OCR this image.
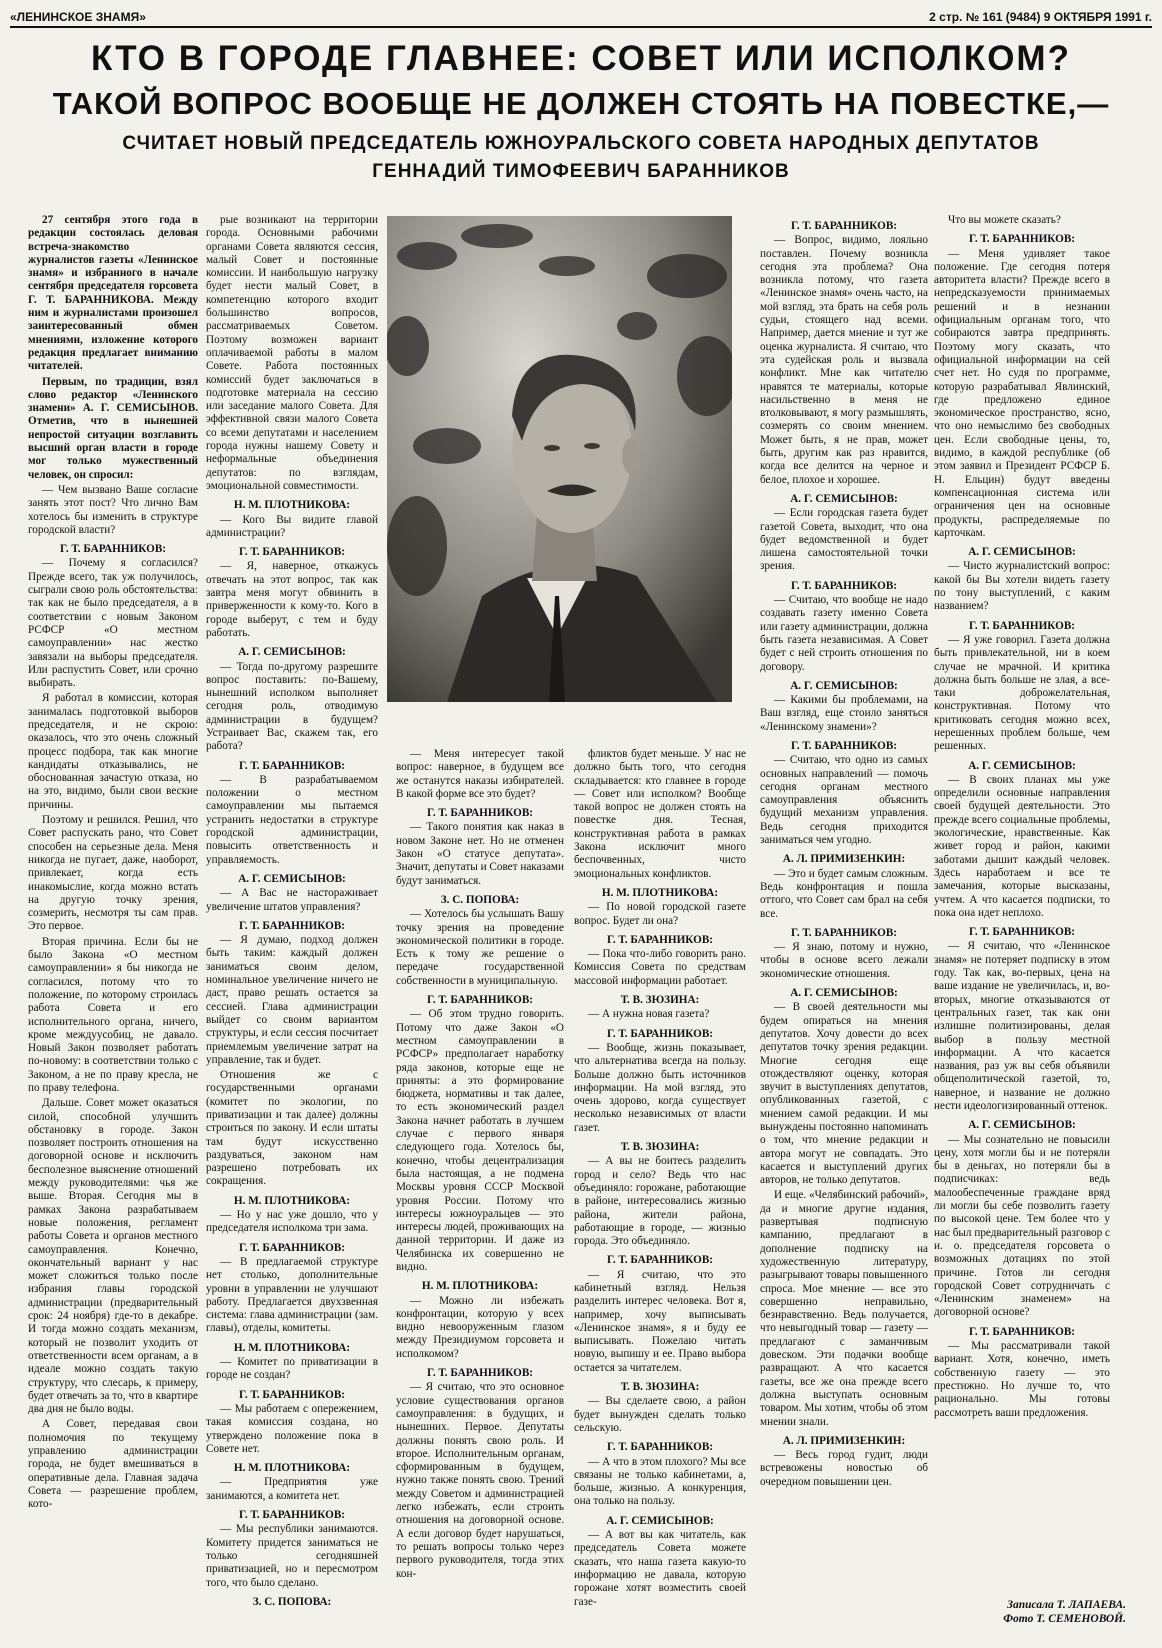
«ЛЕНИНСКОЕ ЗНАМЯ»	2 стр. № 161 (9484) 9 ОКТЯБРЯ 1991 г.
КТО В ГОРОДЕ ГЛАВНЕЕ: СОВЕТ ИЛИ ИСПОЛКОМ?
ТАКОЙ ВОПРОС ВООБЩЕ НЕ ДОЛЖЕН СТОЯТЬ НА ПОВЕСТКЕ,—
СЧИТАЕТ НОВЫЙ ПРЕДСЕДАТЕЛЬ ЮЖНОУРАЛЬСКОГО СОВЕТА НАРОДНЫХ ДЕПУТАТОВ
ГЕННАДИЙ ТИМОФЕЕВИЧ БАРАННИКОВ

27 сентября этого года в редакции состоялась деловая встреча-знакомство журналистов газеты «Ленинское знамя» и избранного в начале сентября председателя горсовета Г. Т. БАРАННИКОВА. Между ним и журналистами произошел заинтересованный обмен мнениями, изложение которого редакция предлагает вниманию читателей.

Первым, по традиции, взял слово редактор «Ленинского знамени» А. Г. СЕМИСЫНОВ. Отметив, что в нынешней непростой ситуации возглавить высший орган власти в городе мог только мужественный человек, он спросил:

— Чем вызвано Ваше согласие занять этот пост? Что лично Вам хотелось бы изменить в структуре городской власти?

Г. Т. БАРАННИКОВ:

— Почему я согласился? Прежде всего, так уж получилось, сыграли свою роль обстоятельства: так как не было председателя, а в соответствии с новым Законом РСФСР «О местном самоуправлении» нас жестко завязали на выборы председателя. Или распустить Совет, или срочно выбирать.

Я работал в комиссии, которая занималась подготовкой выборов председателя, и не скрою: оказалось, что это очень сложный процесс подбора, так как многие кандидаты отказывались, не обоснованная зачастую отказа, но на это, видимо, были свои веские причины.

Поэтому и решился. Решил, что Совет распускать рано, что Совет способен на серьезные дела. Меня никогда не пугает, даже, наоборот, привлекает, когда есть инакомыслие, когда можно встать на другую точку зрения, созмерить, несмотря ты сам прав. Это первое.

Вторая причина. Если бы не было Закона «О местном самоуправлении» я бы никогда не согласился, потому что то положение, по которому строилась работа Совета и его исполнительного органа, ничего, кроме междуусобиц, не давало. Новый Закон позволяет работать по-новому: в соответствии только с Законом, а не по праву кресла, не по праву телефона.

Дальше. Совет может оказаться силой, способной улучшить обстановку в городе. Закон позволяет построить отношения на договорной основе и исключить бесполезное выяснение отношений между руководителями: чья же выше. Вторая. Сегодня мы в рамках Закона разрабатываем новые положения, регламент работы Совета и органов местного самоуправления. Конечно, окончательный вариант у нас может сложиться только после избрания главы городской администрации (предварительный срок: 24 ноября) где-то в декабре. И тогда можно создать механизм, который не позволит уходить от ответственности всем органам, а в идеале можно создать такую структуру, что слесарь, к примеру, будет отвечать за то, что в квартире два дня не было воды.

А Совет, передавая свои полномочия по текущему управлению администрации города, не будет вмешиваться в оперативные дела. Главная задача Совета — разрешение проблем, кото-

рые возникают на территории города. Основными рабочими органами Совета являются сессия, малый Совет и постоянные комиссии. И наибольшую нагрузку будет нести малый Совет, в компетенцию которого входит большинство вопросов, рассматриваемых Советом. Поэтому возможен вариант оплачиваемой работы в малом Совете. Работа постоянных комиссий будет заключаться в подготовке материала на сессию или заседание малого Совета. Для эффективной связи малого Совета со всеми депутатами и населением города нужны нашему Совету и неформальные объединения депутатов: по взглядам, эмоциональной совместимости.

Н. М. ПЛОТНИКОВА:

— Кого Вы видите главой администрации?

Г. Т. БАРАННИКОВ:

— Я, наверное, откажусь отвечать на этот вопрос, так как завтра меня могут обвинить в приверженности к кому-то. Кого в городе выберут, с тем и буду работать.

А. Г. СЕМИСЫНОВ:

— Тогда по-другому разрешите вопрос поставить: по-Вашему, нынешний исполком выполняет сегодня роль, отводимую администрации в будущем? Устраивает Вас, скажем так, его работа?

Г. Т. БАРАННИКОВ:

— В разрабатываемом положении о местном самоуправлении мы пытаемся устранить недостатки в структуре городской администрации, повысить ответственность и управляемость.

А. Г. СЕМИСЫНОВ:

— А Вас не настораживает увеличение штатов управления?

Г. Т. БАРАННИКОВ:

— Я думаю, подход должен быть таким: каждый должен заниматься своим делом, номинальное увеличение ничего не даст, право решать остается за сессией. Глава администрации выйдет со своим вариантом структуры, и если сессия посчитает приемлемым увеличение затрат на управление, так и будет.

Отношения же с государственными органами (комитет по экологии, по приватизации и так далее) должны строиться по закону. И если штаты там будут искусственно раздуваться, законом нам разрешено потребовать их сокращения.

Н. М. ПЛОТНИКОВА:

— Но у нас уже дошло, что у председателя исполкома три зама.

Г. Т. БАРАННИКОВ:

— В предлагаемой структуре нет столько, дополнительные уровни в управлении не улучшают работу. Предлагается двухзвенная система: глава администрации (зам. главы), отделы, комитеты.

Н. М. ПЛОТНИКОВА:

— Комитет по приватизации в городе не создан?

Г. Т. БАРАННИКОВ:

— Мы работаем с опережением, такая комиссия создана, но утверждено положение пока в Совете нет.

Н. М. ПЛОТНИКОВА:

— Предприятия уже занимаются, а комитета нет.

Г. Т. БАРАННИКОВ:

— Мы республики занимаются. Комитету придется заниматься не только сегодняшней приватизацией, но и пересмотром того, что было сделано.

З. С. ПОПОВА:

— Меня интересует такой вопрос: наверное, в будущем все же останутся наказы избирателей. В какой форме все это будет?

Г. Т. БАРАННИКОВ:

— Такого понятия как наказ в новом Законе нет. Но не отменен Закон «О статусе депутата». Значит, депутаты и Совет наказами будут заниматься.

З. С. ПОПОВА:

— Хотелось бы услышать Вашу точку зрения на проведение экономической политики в городе. Есть к тому же решение о передаче государственной собственности в муниципальную.

Г. Т. БАРАННИКОВ:

— Об этом трудно говорить. Потому что даже Закон «О местном самоуправлении в РСФСР» предполагает наработку ряда законов, которые еще не приняты: а это формирование бюджета, нормативы и так далее, то есть экономический раздел Закона начнет работать в лучшем случае с первого января следующего года. Хотелось бы, конечно, чтобы децентрализация была настоящая, а не подмена Москвы уровня СССР Москвой уровня России. Потому что интересы южноуральцев — это интересы людей, проживающих на данной территории. И даже из Челябинска их совершенно не видно.

Н. М. ПЛОТНИКОВА:

— Можно ли избежать конфронтации, которую у всех видно невооруженным глазом между Президиумом горсовета и исполкомом?

Г. Т. БАРАННИКОВ:

— Я считаю, что это основное условие существования органов самоуправления: в будущих, и нынешних. Первое. Депутаты должны понять свою роль. И второе. Исполнительным органам, сформированным в будущем, нужно также понять свою. Трений между Советом и администрацией легко избежать, если строить отношения на договорной основе. А если договор будет нарушаться, то решать вопросы только через первого руководителя, тогда этих кон-

фликтов будет меньше. У нас не должно быть того, что сегодня складывается: кто главнее в городе — Совет или исполком? Вообще такой вопрос не должен стоять на повестке дня. Тесная, конструктивная работа в рамках Закона исключит много беспочвенных, чисто эмоциональных конфликтов.

Н. М. ПЛОТНИКОВА:

— По новой городской газете вопрос. Будет ли она?

Г. Т. БАРАННИКОВ:

— Пока что-либо говорить рано. Комиссия Совета по средствам массовой информации работает.

Т. В. ЗЮЗИНА:

— А нужна новая газета?

Г. Т. БАРАННИКОВ:

— Вообще, жизнь показывает, что альтернатива всегда на пользу. Больше должно быть источников информации. На мой взгляд, это очень здорово, когда существует несколько независимых от власти газет.

Т. В. ЗЮЗИНА:

— А вы не боитесь разделить город и село? Ведь что нас объединяло: горожане, работающие в районе, интересовались жизнью района, жители района, работающие в городе, — жизнью города. Это объединяло.

Г. Т. БАРАННИКОВ:

— Я считаю, что это кабинетный взгляд. Нельзя разделить интерес человека. Вот я, например, хочу выписывать «Ленинское знамя», я и буду ее выписывать. Пожелаю читать новую, выпишу и ее. Право выбора остается за читателем.

Т. В. ЗЮЗИНА:

— Вы сделаете свою, а район будет вынужден сделать только сельскую.

Г. Т. БАРАННИКОВ:

— А что в этом плохого? Мы все связаны не только кабинетами, а, больше, жизнью. А конкуренция, она только на пользу.

А. Г. СЕМИСЫНОВ:

— А вот вы как читатель, как председатель Совета можете сказать, что наша газета какую-то информацию не давала, которую горожане хотят возместить своей газе-

Г. Т. БАРАННИКОВ:

— Вопрос, видимо, лояльно поставлен. Почему возникла сегодня эта проблема? Она возникла потому, что газета «Ленинское знамя» очень часто, на мой взгляд, эта брать на себя роль судьи, стоящего над всеми. Например, дается мнение и тут же оценка журналиста. Я считаю, что эта судейская роль и вызвала конфликт. Мне как читателю нравятся те материалы, которые насильственно в меня не втолковывают, я могу размышлять, созмерять со своим мнением. Может быть, я не прав, может быть, другим как раз нравится, когда все делится на черное и белое, плохое и хорошее.

А. Г. СЕМИСЫНОВ:

— Если городская газета будет газетой Совета, выходит, что она будет ведомственной и будет лишена самостоятельной точки зрения.

Г. Т. БАРАННИКОВ:

— Считаю, что вообще не надо создавать газету именно Совета или газету администрации, должна быть газета независимая. А Совет будет с ней строить отношения по договору.

А. Г. СЕМИСЫНОВ:

— Какими бы проблемами, на Ваш взгляд, еще стоило заняться «Ленинскому знамени»?

Г. Т. БАРАННИКОВ:

— Считаю, что одно из самых основных направлений — помочь сегодня органам местного самоуправления объяснить будущий механизм управления. Ведь сегодня приходится заниматься чем угодно.

А. Л. ПРИМИЗЕНКИН:

— Это и будет самым сложным. Ведь конфронтация и пошла оттого, что Совет сам брал на себя все.

Г. Т. БАРАННИКОВ:

— Я знаю, потому и нужно, чтобы в основе всего лежали экономические отношения.

А. Г. СЕМИСЫНОВ:

— В своей деятельности мы будем опираться на мнения депутатов. Хочу довести до всех депутатов точку зрения редакции. Многие сегодня еще отождествляют оценку, которая звучит в выступлениях депутатов, опубликованных газетой, с мнением самой редакции. И мы вынуждены постоянно напоминать о том, что мнение редакции и автора могут не совпадать. Это касается и выступлений других авторов, не только депутатов.

И еще. «Челябинский рабочий», да и многие другие издания, развертывая подписную кампанию, предлагают в дополнение подписку на художественную литературу, разыгрывают товары повышенного спроса. Мое мнение — все это совершенно неправильно, безнравственно. Ведь получается, что невыгодный товар — газету — предлагают с заманчивым довеском. Эти подачки вообще развращают. А что касается газеты, все же она прежде всего должна выступать основным товаром. Мы хотим, чтобы об этом мнении знали.

А. Л. ПРИМИЗЕНКИН:

— Весь город гудит, люди встревожены новостью об очередном повышении цен.

Что вы можете сказать?

Г. Т. БАРАННИКОВ:

— Меня удивляет такое положение. Где сегодня потеря авторитета власти? Прежде всего в непредсказуемости принимаемых решений и в незнании официальным органам того, что собираются завтра предпринять. Поэтому могу сказать, что официальной информации на сей счет нет. Но судя по программе, которую разрабатывал Явлинский, где предложено единое экономическое пространство, ясно, что оно немыслимо без свободных цен. Если свободные цены, то, видимо, в каждой республике (об этом заявил и Президент РСФСР Б. Н. Ельцин) будут введены компенсационная система или ограничения цен на основные продукты, распределяемые по карточкам.

А. Г. СЕМИСЫНОВ:

— Чисто журналистский вопрос: какой бы Вы хотели видеть газету по тону выступлений, с каким названием?

Г. Т. БАРАННИКОВ:

— Я уже говорил. Газета должна быть привлекательной, ни в коем случае не мрачной. И критика должна быть больше не злая, а все-таки доброжелательная, конструктивная. Потому что критиковать сегодня можно всех, нерешенных проблем больше, чем решенных.

А. Г. СЕМИСЫНОВ:

— В своих планах мы уже определили основные направления своей будущей деятельности. Это прежде всего социальные проблемы, экологические, нравственные. Как живет город и район, какими заботами дышит каждый человек. Здесь наработаем и все те замечания, которые высказаны, учтем. А что касается подписки, то пока она идет неплохо.

Г. Т. БАРАННИКОВ:

— Я считаю, что «Ленинское знамя» не потеряет подписку в этом году. Так как, во-первых, цена на ваше издание не увеличилась, и, во-вторых, многие отказываются от центральных газет, так как они излишне политизированы, делая выбор в пользу местной информации. А что касается названия, раз уж вы себя объявили общеполитической газетой, то, наверное, и название не должно нести идеологизированный оттенок.

А. Г. СЕМИСЫНОВ:

— Мы сознательно не повысили цену, хотя могли бы и не потеряли бы в деньгах, но потеряли бы в подписчиках: ведь малообеспеченные граждане вряд ли могли бы себе позволить газету по высокой цене. Тем более что у нас был предварительный разговор с и. о. председателя горсовета о возможных дотациях по этой причине. Готов ли сегодня городской Совет сотрудничать с «Ленинским знаменем» на договорной основе?

Г. Т. БАРАННИКОВ:

— Мы рассматривали такой вариант. Хотя, конечно, иметь собственную газету — это престижно. Но лучше то, что рационально. Мы готовы рассмотреть ваши предложения.

Записала Т. ЛАПАЕВА.
Фото Т. СЕМЕНОВОЙ.
